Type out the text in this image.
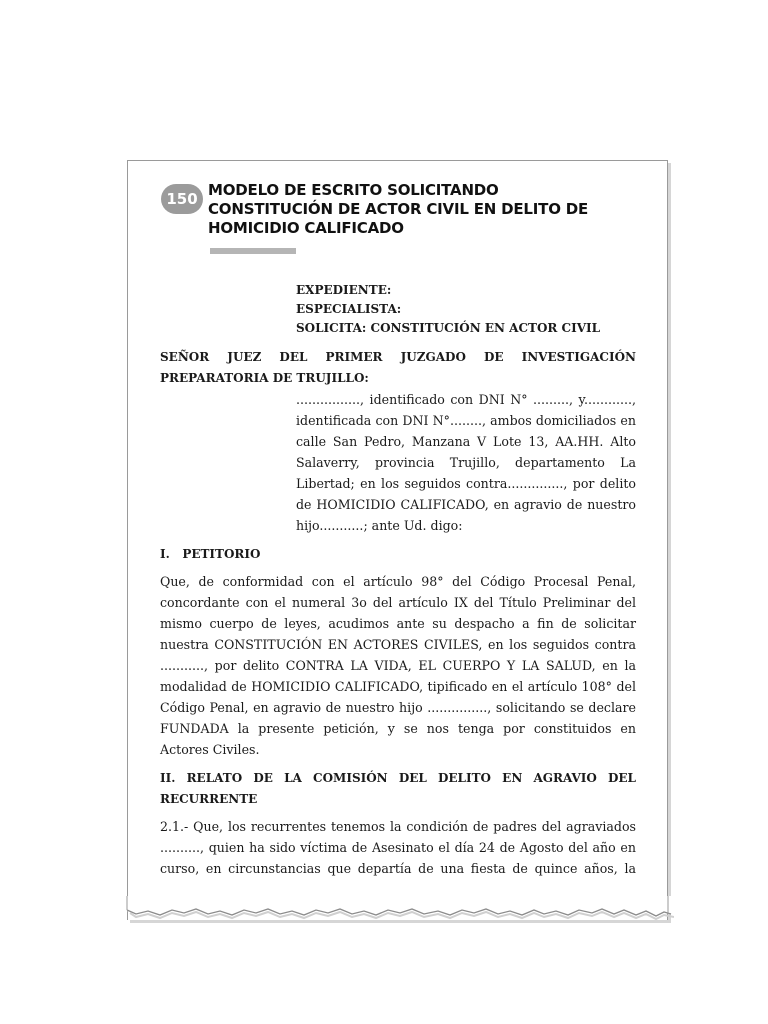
150 MODELO DE ESCRITO SOLICITANDO CONSTITUCIÓN DE ACTOR CIVIL EN DELITO DE HOMICIDIO CALIFICADO
EXPEDIENTE:
ESPECIALISTA:
SOLICITA: CONSTITUCIÓN EN ACTOR CIVIL

SEÑOR JUEZ DEL PRIMER JUZGADO DE INVESTIGACIÓN PREPARATORIA DE TRUJILLO:

................, identificado con DNI N° ........., y............, identificada con DNI N°........, ambos domiciliados en calle San Pedro, Manzana V Lote 13, AA.HH. Alto Salaverry, provincia Trujillo, departamento La Libertad; en los seguidos contra.............., por delito de HOMICIDIO CALIFICADO, en agravio de nuestro hijo...........; ante Ud. digo:

I.   PETITORIO

Que, de conformidad con el artículo 98° del Código Procesal Penal, concordante con el numeral 3o del artículo IX del Título Preliminar del mismo cuerpo de leyes, acudimos ante su despacho a fin de solicitar nuestra CONSTITUCIÓN EN ACTORES CIVILES, en los seguidos contra ..........., por delito CONTRA LA VIDA, EL CUERPO Y LA SALUD, en la modalidad de HOMICIDIO CALIFICADO, tipificado en el artículo 108° del Código Penal, en agravio de nuestro hijo ..............., solicitando se declare FUNDADA la presente petición, y se nos tenga por constituidos en Actores Civiles.

II. RELATO DE LA COMISIÓN DEL DELITO EN AGRAVIO DEL RECURRENTE

2.1.- Que, los recurrentes tenemos la condición de padres del agraviados .........., quien ha sido víctima de Asesinato el día 24 de Agosto del año en curso, en circunstancias que departía de una fiesta de quince años, la
